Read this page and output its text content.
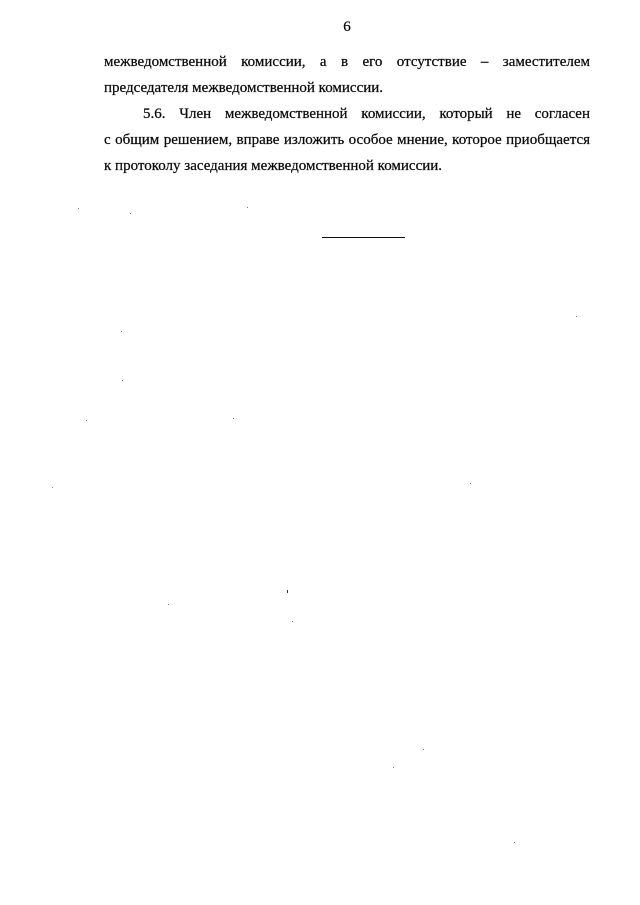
6
межведомственной комиссии, а в его отсутствие – заместителем
председателя межведомственной комиссии.
5.6. Член межведомственной комиссии, который не согласен
с общим решением, вправе изложить особое мнение, которое приобщается
к протоколу заседания межведомственной комиссии.
